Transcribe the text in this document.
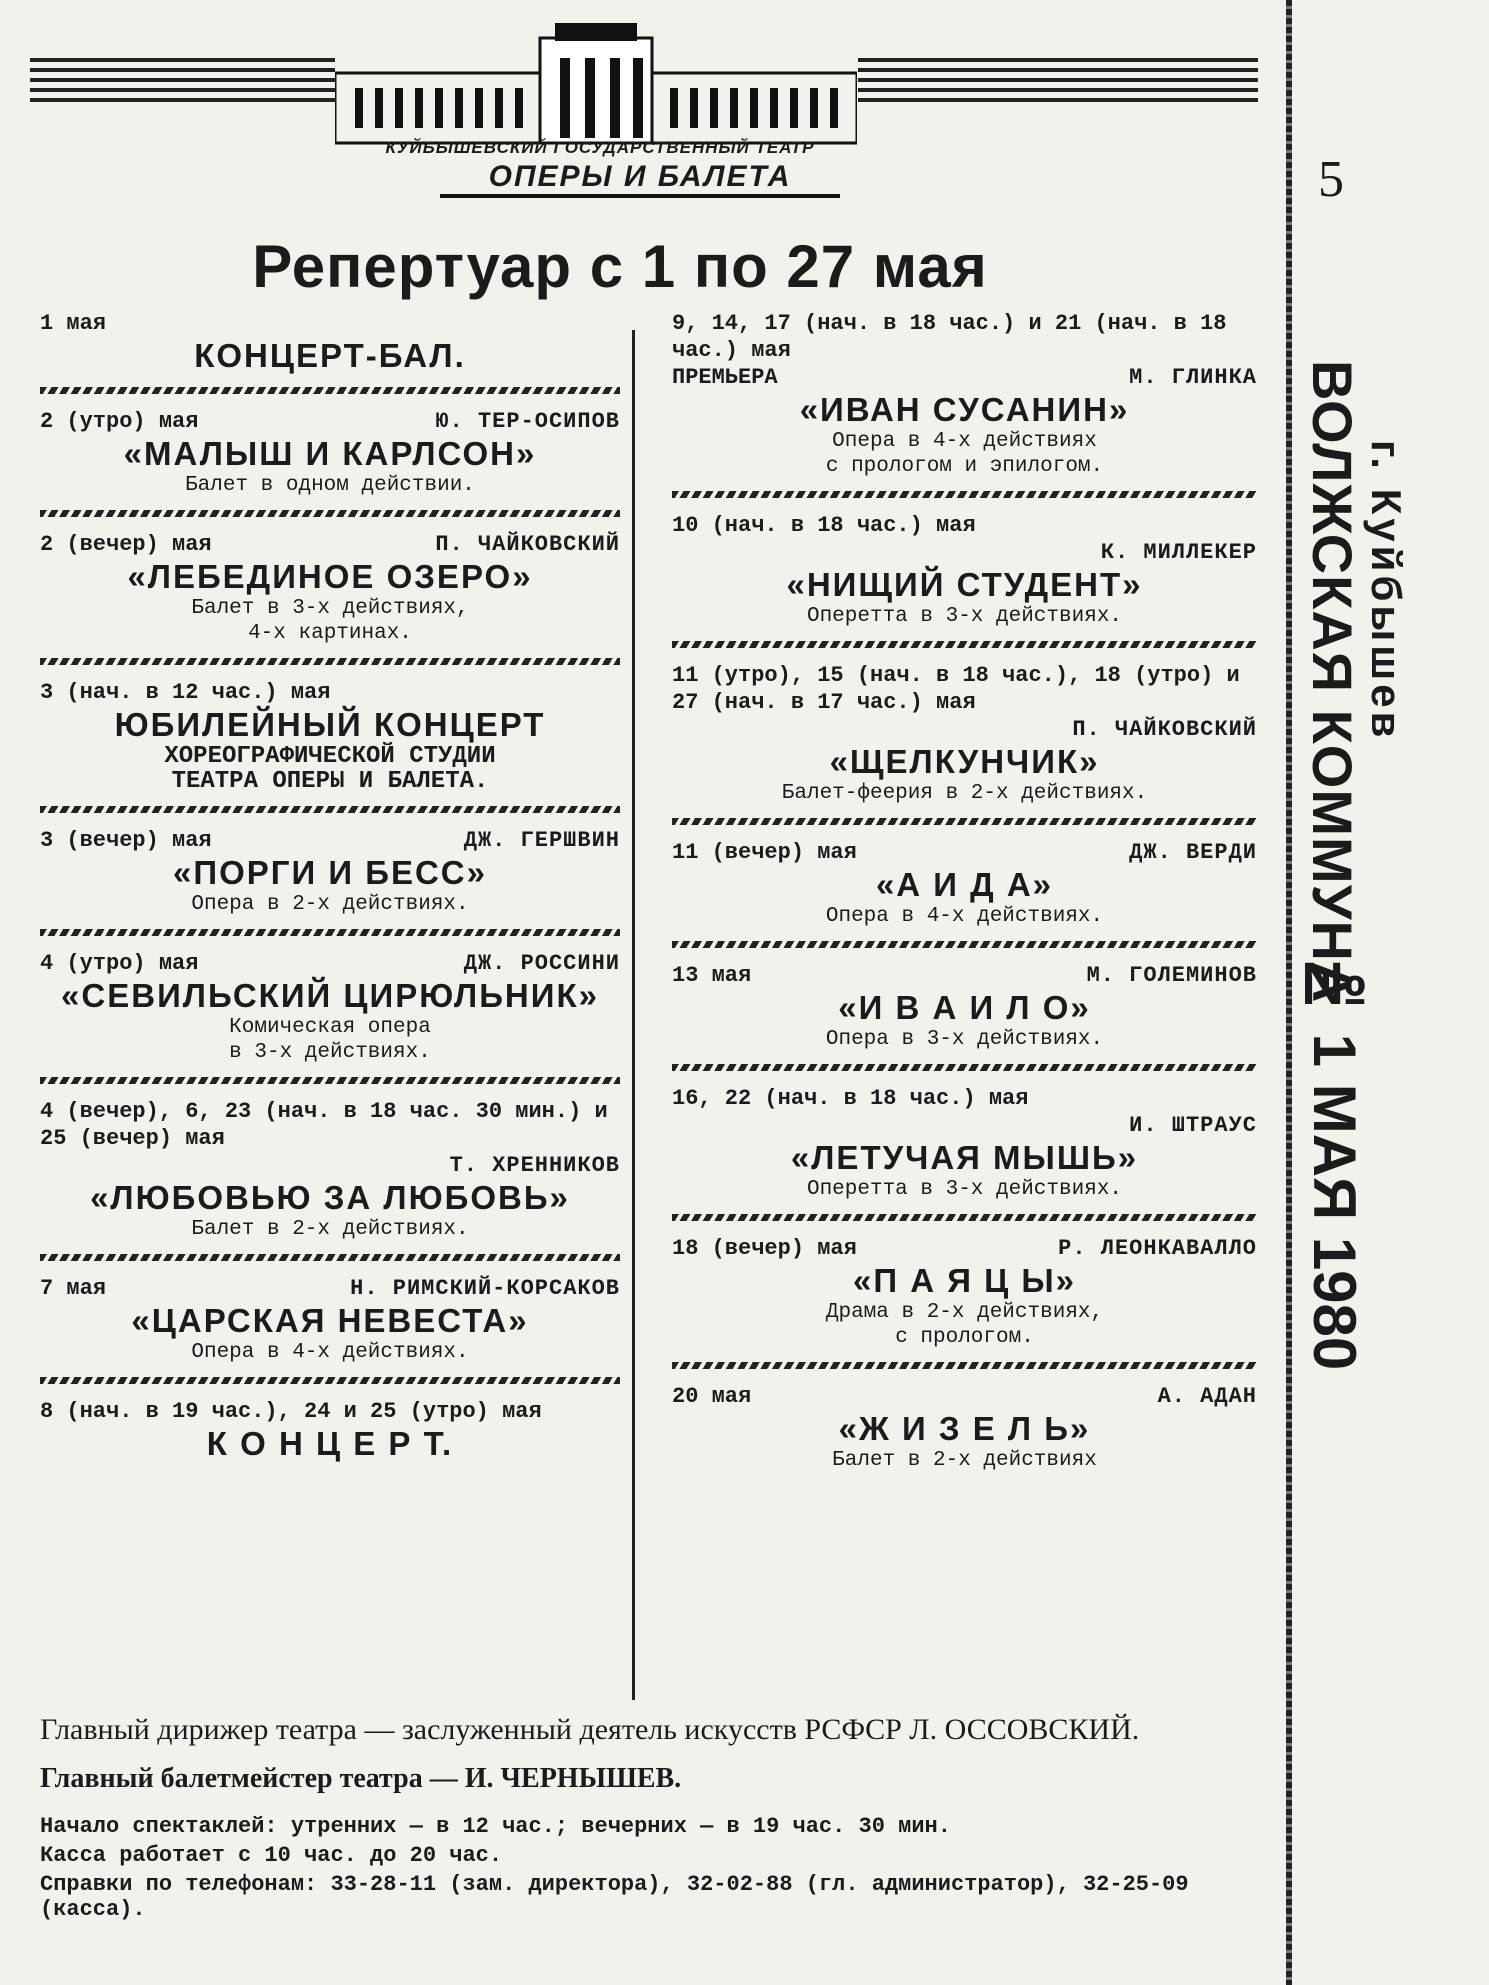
КУЙБЫШЕВСКИЙ ГОСУДАРСТВЕННЫЙ ТЕАТР
ОПЕРЫ И БАЛЕТА
Репертуар с 1 по 27 мая
1 мая
КОНЦЕРТ-БАЛ.
2 (утро) мая	Ю. ТЕР-ОСИПОВ
«МАЛЫШ И КАРЛСОН»
Балет в одном действии.
2 (вечер) мая	П. ЧАЙКОВСКИЙ
«ЛЕБЕДИНОЕ ОЗЕРО»
Балет в 3-х действиях,
4-х картинах.
3 (нач. в 12 час.) мая
ЮБИЛЕЙНЫЙ КОНЦЕРТ
ХОРЕОГРАФИЧЕСКОЙ СТУДИИ
ТЕАТРА ОПЕРЫ И БАЛЕТА.
3 (вечер) мая	ДЖ. ГЕРШВИН
«ПОРГИ И БЕСС»
Опера в 2-х действиях.
4 (утро) мая	ДЖ. РОССИНИ
«СЕВИЛЬСКИЙ ЦИРЮЛЬНИК»
Комическая опера
в 3-х действиях.
4 (вечер), 6, 23 (нач. в 18 час. 30 мин.) и 25 (вечер) мая
Т. ХРЕННИКОВ
«ЛЮБОВЬЮ ЗА ЛЮБОВЬ»
Балет в 2-х действиях.
7 мая	Н. РИМСКИЙ-КОРСАКОВ
«ЦАРСКАЯ НЕВЕСТА»
Опера в 4-х действиях.
8 (нач. в 19 час.), 24 и 25 (утро) мая
К О Н Ц Е Р Т.
9, 14, 17 (нач. в 18 час.) и 21 (нач. в 18 час.) мая
ПРЕМЬЕРА	М. ГЛИНКА
«ИВАН СУСАНИН»
Опера в 4-х действиях
с прологом и эпилогом.
10 (нач. в 18 час.) мая
К. МИЛЛЕКЕР
«НИЩИЙ СТУДЕНТ»
Оперетта в 3-х действиях.
11 (утро), 15 (нач. в 18 час.), 18 (утро) и 27 (нач. в 17 час.) мая
П. ЧАЙКОВСКИЙ
«ЩЕЛКУНЧИК»
Балет-феерия в 2-х действиях.
11 (вечер) мая	ДЖ. ВЕРДИ
«А И Д А»
Опера в 4-х действиях.
13 мая	М. ГОЛЕМИНОВ
«И В А И Л О»
Опера в 3-х действиях.
16, 22 (нач. в 18 час.) мая
И. ШТРАУС
«ЛЕТУЧАЯ МЫШЬ»
Оперетта в 3-х действиях.
18 (вечер) мая	Р. ЛЕОНКАВАЛЛО
«П А Я Ц Ы»
Драма в 2-х действиях,
с прологом.
20 мая	А. АДАН
«Ж И З Е Л Ь»
Балет в 2-х действиях
Главный дирижер театра — заслуженный деятель искусств РСФСР Л. ОССОВСКИЙ.
Главный балетмейстер театра — И. ЧЕРНЫШЕВ.
Начало спектаклей: утренних — в 12 час.; вечерних — в 19 час. 30 мин.
Касса работает с 10 час. до 20 час.
Справки по телефонам: 33-28-11 (зам. директора), 32-02-88 (гл. администратор), 32-25-09 (касса).
5
ВОЛЖСКАЯ КОММУНА г. Куйбышев
№ 1 МАЯ 1980
